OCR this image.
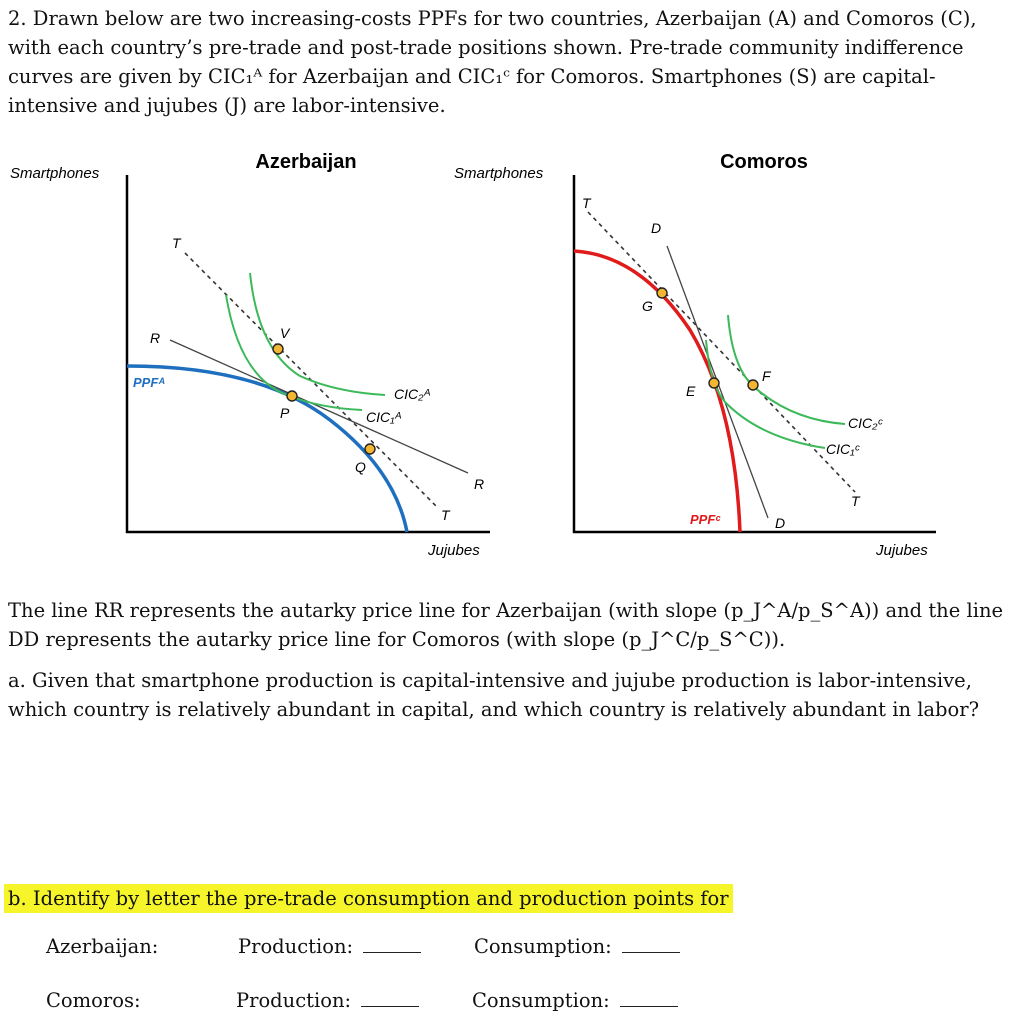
2. Drawn below are two increasing-costs PPFs for two countries, Azerbaijan (A) and Comoros (C), with each country’s pre-trade and post-trade positions shown. Pre-trade community indifference curves are given by CIC₁ᴬ for Azerbaijan and CIC₁ᶜ for Comoros. Smartphones (S) are capital-intensive and jujubes (J) are labor-intensive.
Azerbaijan
Smartphones
Jujubes
PPFᴬ
CIC₂ᴬ
CIC₁ᴬ
T
R	V
P
Q
T
R
Comoros
Smartphones
Jujubes
PPFᶜ
CIC₂ᶜ
CIC₁ᶜ
T
D
G
E
F
T
D
The line RR represents the autarky price line for Azerbaijan (with slope (p_J^A/p_S^A)) and the line DD represents the autarky price line for Comoros (with slope (p_J^C/p_S^C)).
a. Given that smartphone production is capital-intensive and jujube production is labor-intensive, which country is relatively abundant in capital, and which country is relatively abundant in labor?
b. Identify by letter the pre-trade consumption and production points for
Azerbaijan:	Production:	Consumption:
Comoros:	Production:	Consumption:
